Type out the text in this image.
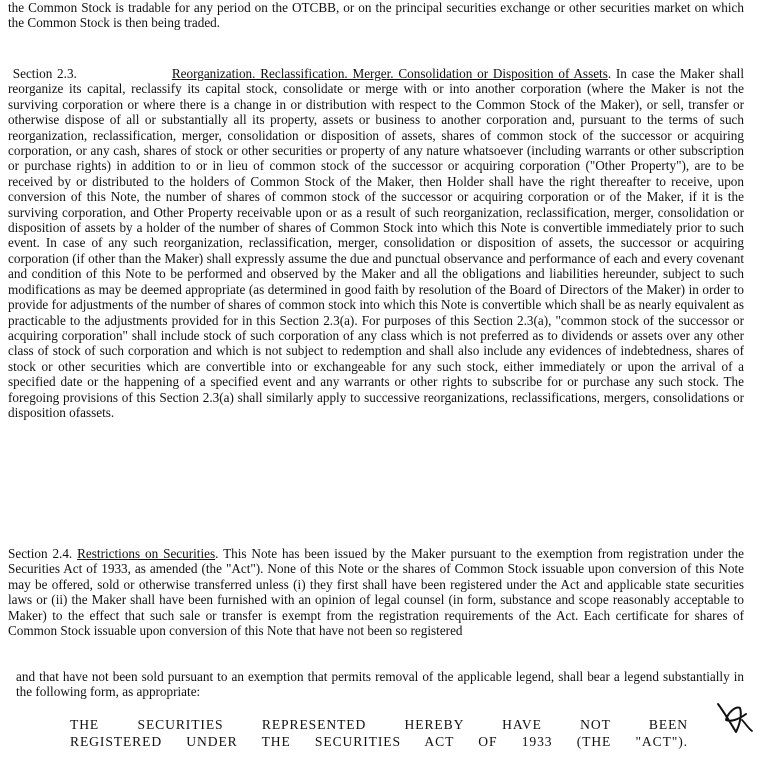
the Common Stock is tradable for any period on the OTCBB, or on the principal securities exchange or other securities market on which the Common Stock is then being traded.

Section 2.3.	Reorganization. Reclassification. Merger. Consolidation or Disposition of Assets. In case the Maker shall reorganize its capital, reclassify its capital stock, consolidate or merge with or into another corporation (where the Maker is not the surviving corporation or where there is a change in or distribution with respect to the Common Stock of the Maker), or sell, transfer or otherwise dispose of all or substantially all its property, assets or business to another corporation and, pursuant to the terms of such reorganization, reclassification, merger, consolidation or disposition of assets, shares of common stock of the successor or acquiring corporation, or any cash, shares of stock or other securities or property of any nature whatsoever (including warrants or other subscription or purchase rights) in addition to or in lieu of common stock of the successor or acquiring corporation ("Other Property"), are to be received by or distributed to the holders of Common Stock of the Maker, then Holder shall have the right thereafter to receive, upon conversion of this Note, the number of shares of common stock of the successor or acquiring corporation or of the Maker, if it is the surviving corporation, and Other Property receivable upon or as a result of such reorganization, reclassification, merger, consolidation or disposition of assets by a holder of the number of shares of Common Stock into which this Note is convertible immediately prior to such event. In case of any such reorganization, reclassification, merger, consolidation or disposition of assets, the successor or acquiring corporation (if other than the Maker) shall expressly assume the due and punctual observance and performance of each and every covenant and condition of this Note to be performed and observed by the Maker and all the obligations and liabilities hereunder, subject to such modifications as may be deemed appropriate (as determined in good faith by resolution of the Board of Directors of the Maker) in order to provide for adjustments of the number of shares of common stock into which this Note is convertible which shall be as nearly equivalent as practicable to the adjustments provided for in this Section 2.3(a). For purposes of this Section 2.3(a), "common stock of the successor or acquiring corporation" shall include stock of such corporation of any class which is not preferred as to dividends or assets over any other class of stock of such corporation and which is not subject to redemption and shall also include any evidences of indebtedness, shares of stock or other securities which are convertible into or exchangeable for any such stock, either immediately or upon the arrival of a specified date or the happening of a specified event and any warrants or other rights to subscribe for or purchase any such stock. The foregoing provisions of this Section 2.3(a) shall similarly apply to successive reorganizations, reclassifications, mergers, consolidations or disposition ofassets.

Section 2.4. Restrictions on Securities. This Note has been issued by the Maker pursuant to the exemption from registration under the Securities Act of 1933, as amended (the "Act"). None of this Note or the shares of Common Stock issuable upon conversion of this Note may be offered, sold or otherwise transferred unless (i) they first shall have been registered under the Act and applicable state securities laws or (ii) the Maker shall have been furnished with an opinion of legal counsel (in form, substance and scope reasonably acceptable to Maker) to the effect that such sale or transfer is exempt from the registration requirements of the Act. Each certificate for shares of Common Stock issuable upon conversion of this Note that have not been so registered

and that have not been sold pursuant to an exemption that permits removal of the applicable legend, shall bear a legend substantially in the following form, as appropriate:

THE SECURITIES REPRESENTED HEREBY HAVE NOT BEEN
REGISTERED UNDER THE SECURITIES ACT OF 1933 (THE "ACT").
